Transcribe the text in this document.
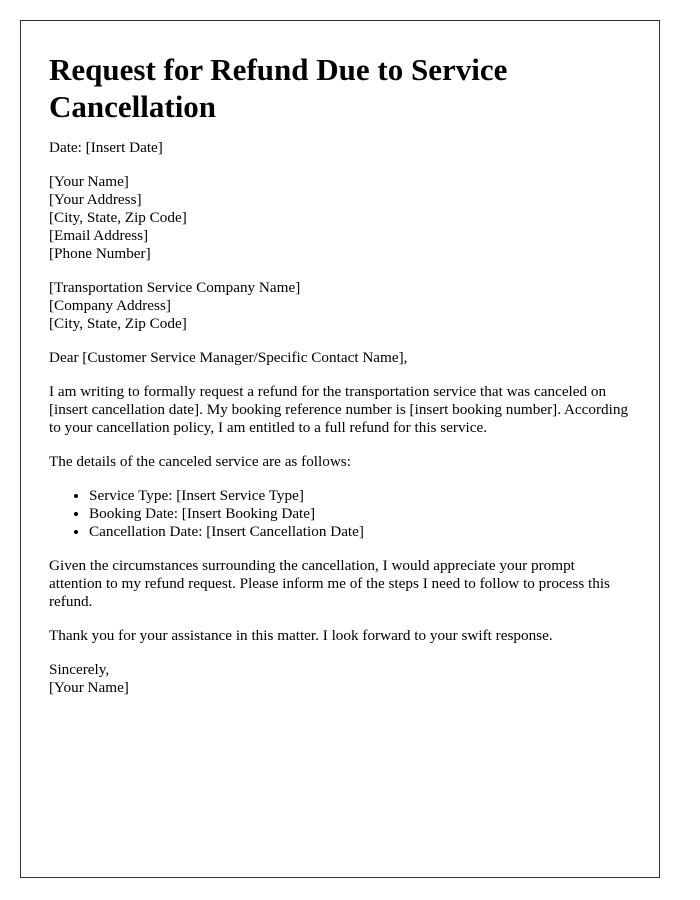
Request for Refund Due to Service Cancellation

Date: [Insert Date]

[Your Name]
[Your Address]
[City, State, Zip Code]
[Email Address]
[Phone Number]
[Transportation Service Company Name]
[Company Address]
[City, State, Zip Code]

Dear [Customer Service Manager/Specific Contact Name],

I am writing to formally request a refund for the transportation service that was canceled on [insert cancellation date]. My booking reference number is [insert booking number]. According to your cancellation policy, I am entitled to a full refund for this service.

The details of the canceled service are as follows:

• Service Type: [Insert Service Type]
• Booking Date: [Insert Booking Date]
• Cancellation Date: [Insert Cancellation Date]

Given the circumstances surrounding the cancellation, I would appreciate your prompt attention to my refund request. Please inform me of the steps I need to follow to process this refund.

Thank you for your assistance in this matter. I look forward to your swift response.

Sincerely,
[Your Name]
